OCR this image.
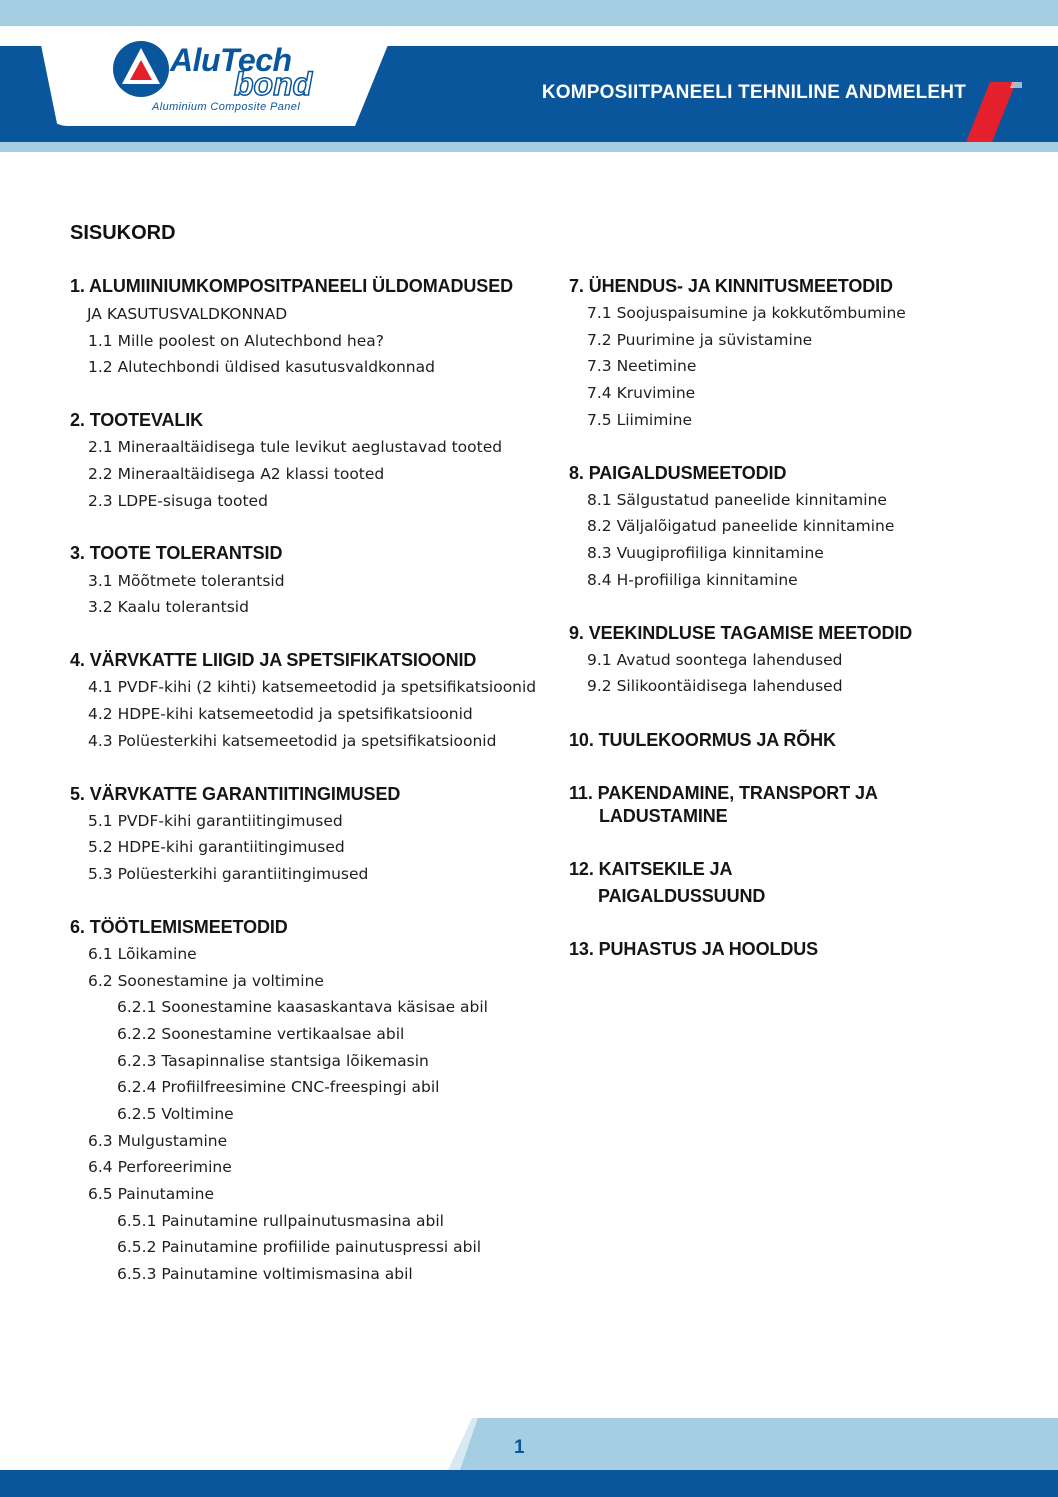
AluTech
bond
Aluminium Composite Panel
KOMPOSIITPANEELI TEHNILINE ANDMELEHT
SISUKORD
1. ALUMIINIUMKOMPOSITPANEELI ÜLDOMADUSED
JA KASUTUSVALDKONNAD
1.1 Mille poolest on Alutechbond hea?
1.2 Alutechbondi üldised kasutusvaldkonnad
2. TOOTEVALIK
2.1 Mineraaltäidisega tule levikut aeglustavad tooted
2.2 Mineraaltäidisega A2 klassi tooted
2.3 LDPE-sisuga tooted
3. TOOTE TOLERANTSID
3.1 Mõõtmete tolerantsid
3.2 Kaalu tolerantsid
4. VÄRVKATTE LIIGID JA SPETSIFIKATSIOONID
4.1 PVDF-kihi (2 kihti) katsemeetodid ja spetsifikatsioonid
4.2 HDPE-kihi katsemeetodid ja spetsifikatsioonid
4.3 Polüesterkihi katsemeetodid ja spetsifikatsioonid
5. VÄRVKATTE GARANTIITINGIMUSED
5.1 PVDF-kihi garantiitingimused
5.2 HDPE-kihi garantiitingimused
5.3 Polüesterkihi garantiitingimused
6. TÖÖTLEMISMEETODID
6.1 Lõikamine
6.2 Soonestamine ja voltimine
6.2.1 Soonestamine kaasaskantava käsisae abil
6.2.2 Soonestamine vertikaalsae abil
6.2.3 Tasapinnalise stantsiga lõikemasin
6.2.4 Profiilfreesimine CNC-freespingi abil
6.2.5 Voltimine
6.3 Mulgustamine
6.4 Perforeerimine
6.5 Painutamine
6.5.1 Painutamine rullpainutusmasina abil
6.5.2 Painutamine profiilide painutuspressi abil
6.5.3 Painutamine voltimismasina abil
7. ÜHENDUS- JA KINNITUSMEETODID
7.1 Soojuspaisumine ja kokkutõmbumine
7.2 Puurimine ja süvistamine
7.3 Neetimine
7.4 Kruvimine
7.5 Liimimine
8. PAIGALDUSMEETODID
8.1 Sälgustatud paneelide kinnitamine
8.2 Väljalõigatud paneelide kinnitamine
8.3 Vuugiprofiiliga kinnitamine
8.4 H-profiiliga kinnitamine
9. VEEKINDLUSE TAGAMISE MEETODID
9.1 Avatud soontega lahendused
9.2 Silikoontäidisega lahendused
10. TUULEKOORMUS JA RÕHK
11. PAKENDAMINE, TRANSPORT JA
LADUSTAMINE
12. KAITSEKILE JA
PAIGALDUSSUUND
13. PUHASTUS JA HOOLDUS
1
